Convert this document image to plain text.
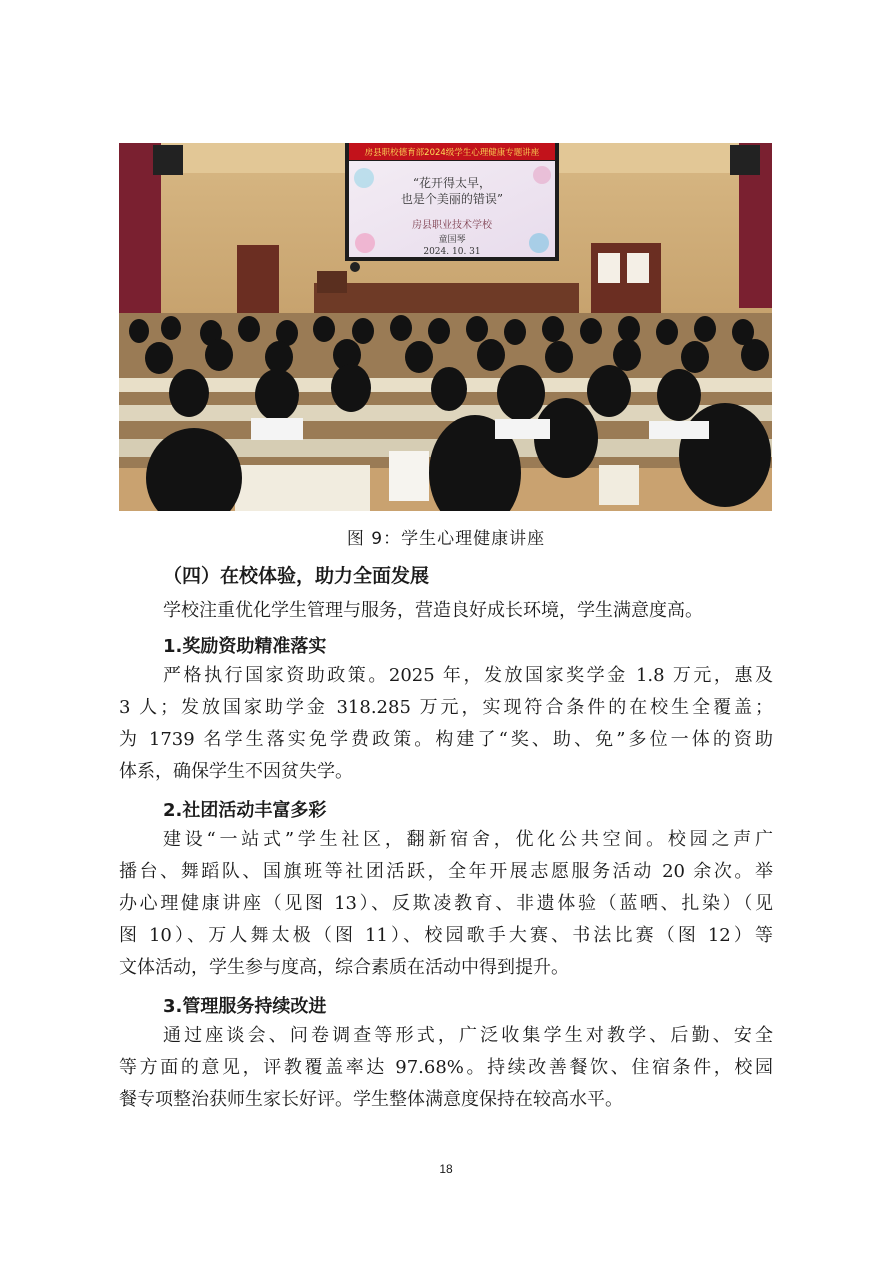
房县职校德育部2024级学生心理健康专题讲座
“花开得太早，
也是个美丽的错误”
房县职业技术学校
童国琴
2024. 10. 31
图 9：学生心理健康讲座
（四）在校体验，助力全面发展

学校注重优化学生管理与服务，营造良好成长环境，学生满意度高。

1.奖励资助精准落实

严格执行国家资助政策。2025 年，发放国家奖学金 1.8 万元，惠及
3 人；发放国家助学金 318.285 万元，实现符合条件的在校生全覆盖；
为 1739 名学生落实免学费政策。构建了“奖、助、免”多位一体的资助
体系，确保学生不因贫失学。

2.社团活动丰富多彩

建设“一站式”学生社区，翻新宿舍，优化公共空间。校园之声广
播台、舞蹈队、国旗班等社团活跃，全年开展志愿服务活动 20 余次。举
办心理健康讲座（见图 13）、反欺凌教育、非遗体验（蓝晒、扎染）（见
图 10）、万人舞太极（图 11）、校园歌手大赛、书法比赛（图 12）等
文体活动，学生参与度高，综合素质在活动中得到提升。

3.管理服务持续改进

通过座谈会、问卷调查等形式，广泛收集学生对教学、后勤、安全
等方面的意见，评教覆盖率达 97.68%。持续改善餐饮、住宿条件，校园
餐专项整治获师生家长好评。学生整体满意度保持在较高水平。

18
